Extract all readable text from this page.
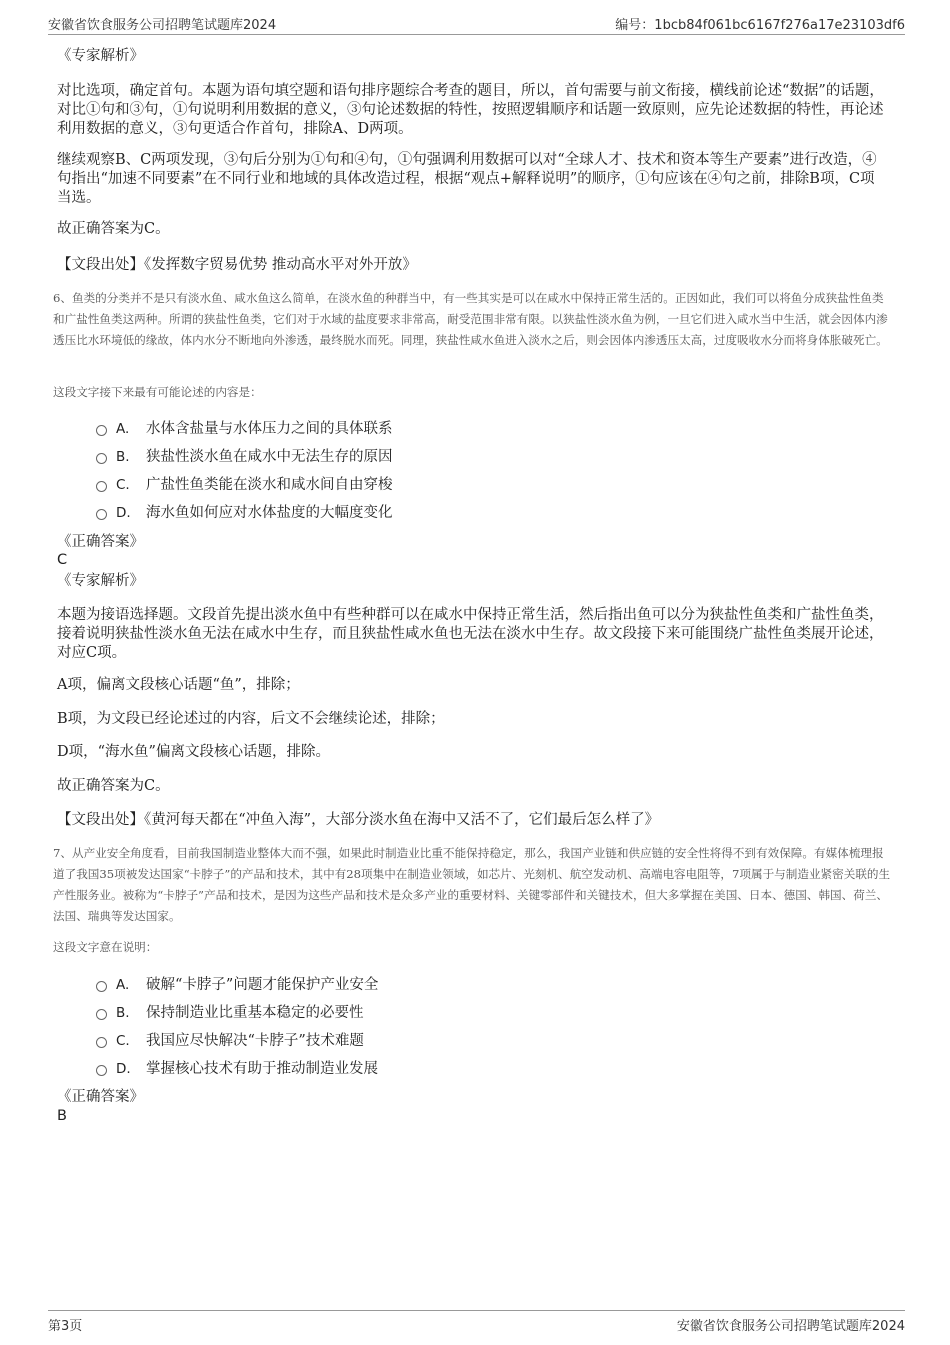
安徽省饮食服务公司招聘笔试题库2024	编号：1bcb84f061bc6167f276a17e23103df6
《专家解析》

对比选项，确定首句。本题为语句填空题和语句排序题综合考查的题目，所以，首句需要与前文衔接，横线前论述“数据”的话题，对比①句和③句，①句说明利用数据的意义，③句论述数据的特性，按照逻辑顺序和话题一致原则，应先论述数据的特性，再论述利用数据的意义，③句更适合作首句，排除A、D两项。

继续观察B、C两项发现，③句后分别为①句和④句，①句强调利用数据可以对“全球人才、技术和资本等生产要素”进行改造，④句指出“加速不同要素”在不同行业和地域的具体改造过程，根据“观点+解释说明”的顺序，①句应该在④句之前，排除B项，C项当选。

故正确答案为C。

【文段出处】《发挥数字贸易优势 推动高水平对外开放》

6、鱼类的分类并不是只有淡水鱼、咸水鱼这么简单，在淡水鱼的种群当中，有一些其实是可以在咸水中保持正常生活的。正因如此，我们可以将鱼分成狭盐性鱼类和广盐性鱼类这两种。所谓的狭盐性鱼类，它们对于水域的盐度要求非常高，耐受范围非常有限。以狭盐性淡水鱼为例，一旦它们进入咸水当中生活，就会因体内渗透压比水环境低的缘故，体内水分不断地向外渗透，最终脱水而死。同理，狭盐性咸水鱼进入淡水之后，则会因体内渗透压太高，过度吸收水分而将身体胀破死亡。

这段文字接下来最有可能论述的内容是：

A. 水体含盐量与水体压力之间的具体联系
B. 狭盐性淡水鱼在咸水中无法生存的原因
C. 广盐性鱼类能在淡水和咸水间自由穿梭
D. 海水鱼如何应对水体盐度的大幅度变化
《正确答案》
C
《专家解析》

本题为接语选择题。文段首先提出淡水鱼中有些种群可以在咸水中保持正常生活，然后指出鱼可以分为狭盐性鱼类和广盐性鱼类，接着说明狭盐性淡水鱼无法在咸水中生存，而且狭盐性咸水鱼也无法在淡水中生存。故文段接下来可能围绕广盐性鱼类展开论述，对应C项。

A项，偏离文段核心话题“鱼”，排除；

B项，为文段已经论述过的内容，后文不会继续论述，排除；

D项，“海水鱼”偏离文段核心话题，排除。

故正确答案为C。

【文段出处】《黄河每天都在“冲鱼入海”，大部分淡水鱼在海中又活不了，它们最后怎么样了》

7、从产业安全角度看，目前我国制造业整体大而不强，如果此时制造业比重不能保持稳定，那么，我国产业链和供应链的安全性将得不到有效保障。有媒体梳理报道了我国35项被发达国家“卡脖子”的产品和技术，其中有28项集中在制造业领域，如芯片、光刻机、航空发动机、高端电容电阻等，7项属于与制造业紧密关联的生产性服务业。被称为“卡脖子”产品和技术，是因为这些产品和技术是众多产业的重要材料、关键零部件和关键技术，但大多掌握在美国、日本、德国、韩国、荷兰、法国、瑞典等发达国家。

这段文字意在说明：

A. 破解“卡脖子”问题才能保护产业安全
B. 保持制造业比重基本稳定的必要性
C. 我国应尽快解决“卡脖子”技术难题
D. 掌握核心技术有助于推动制造业发展
《正确答案》
B
第3页	安徽省饮食服务公司招聘笔试题库2024
